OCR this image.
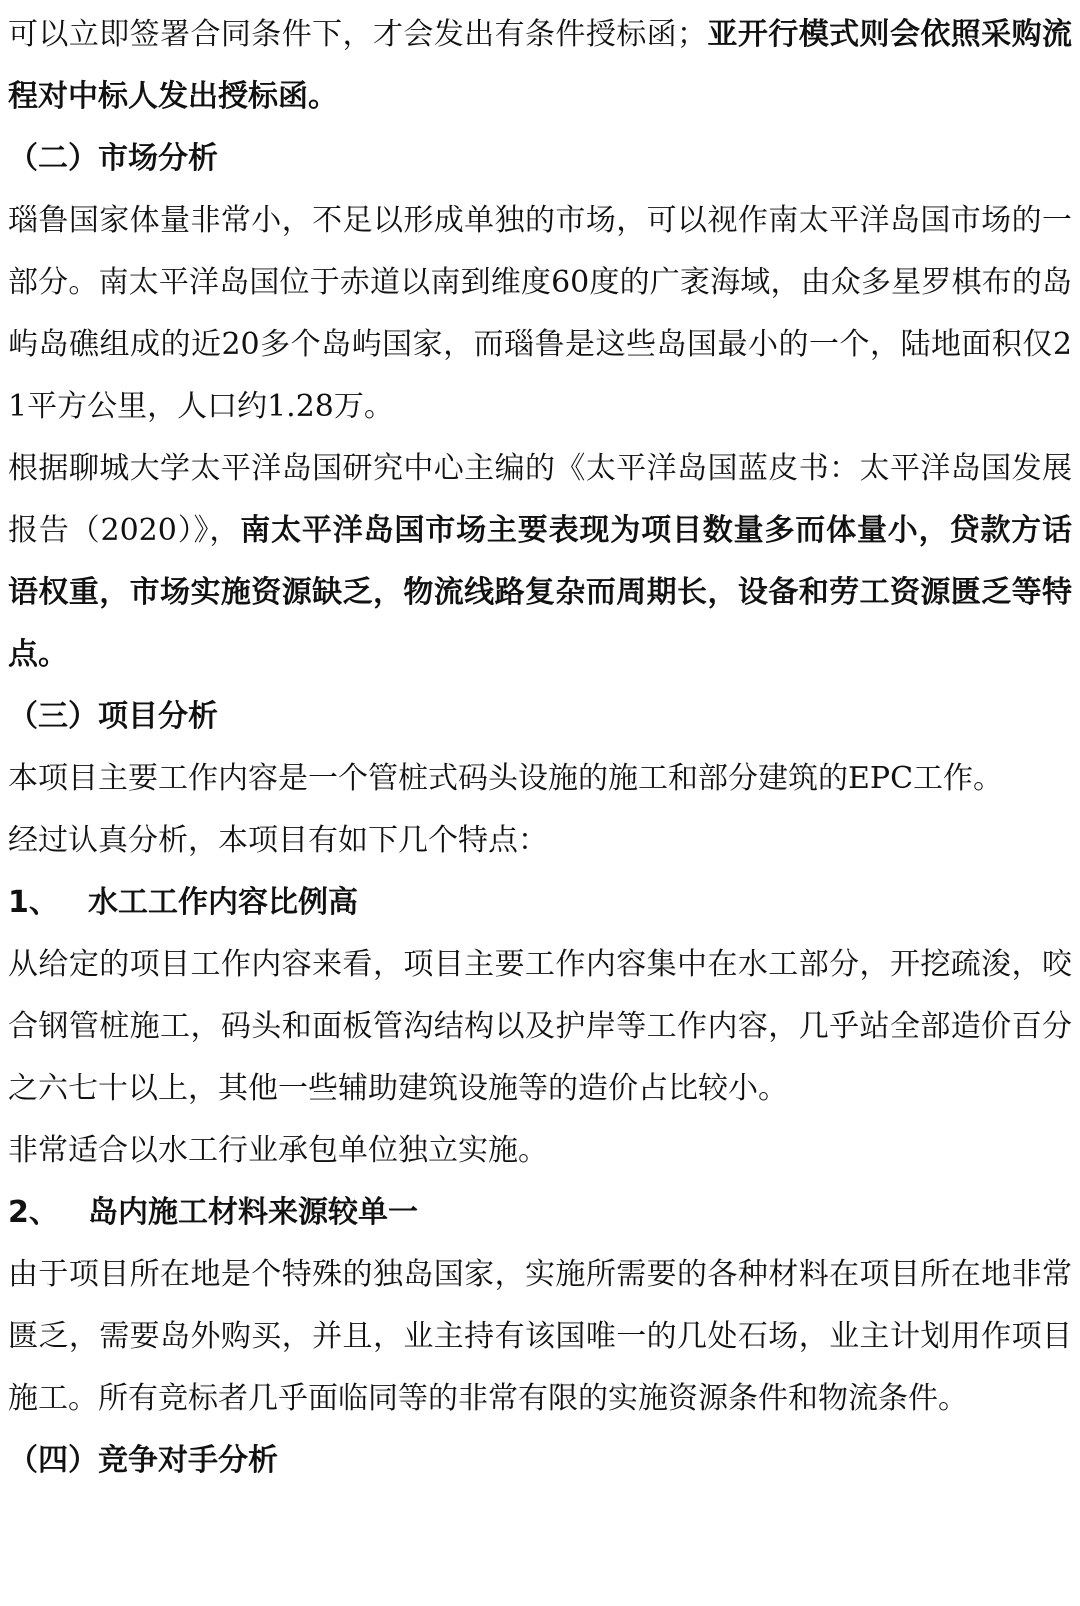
可以立即签署合同条件下，才会发出有条件授标函；亚开行模式则会依照采购流程对中标人发出授标函。

（二）市场分析

瑙鲁国家体量非常小，不足以形成单独的市场，可以视作南太平洋岛国市场的一部分。南太平洋岛国位于赤道以南到维度60度的广袤海域，由众多星罗棋布的岛屿岛礁组成的近20多个岛屿国家，而瑙鲁是这些岛国最小的一个，陆地面积仅21平方公里，人口约1.28万。

根据聊城大学太平洋岛国研究中心主编的《太平洋岛国蓝皮书：太平洋岛国发展报告（2020）》，南太平洋岛国市场主要表现为项目数量多而体量小，贷款方话语权重，市场实施资源缺乏，物流线路复杂而周期长，设备和劳工资源匮乏等特点。

（三）项目分析

本项目主要工作内容是一个管桩式码头设施的施工和部分建筑的EPC工作。

经过认真分析，本项目有如下几个特点：

1、 水工工作内容比例高

从给定的项目工作内容来看，项目主要工作内容集中在水工部分，开挖疏浚，咬合钢管桩施工，码头和面板管沟结构以及护岸等工作内容，几乎站全部造价百分之六七十以上，其他一些辅助建筑设施等的造价占比较小。

非常适合以水工行业承包单位独立实施。

2、 岛内施工材料来源较单一

由于项目所在地是个特殊的独岛国家，实施所需要的各种材料在项目所在地非常匮乏，需要岛外购买，并且，业主持有该国唯一的几处石场，业主计划用作项目施工。所有竞标者几乎面临同等的非常有限的实施资源条件和物流条件。

（四）竞争对手分析
